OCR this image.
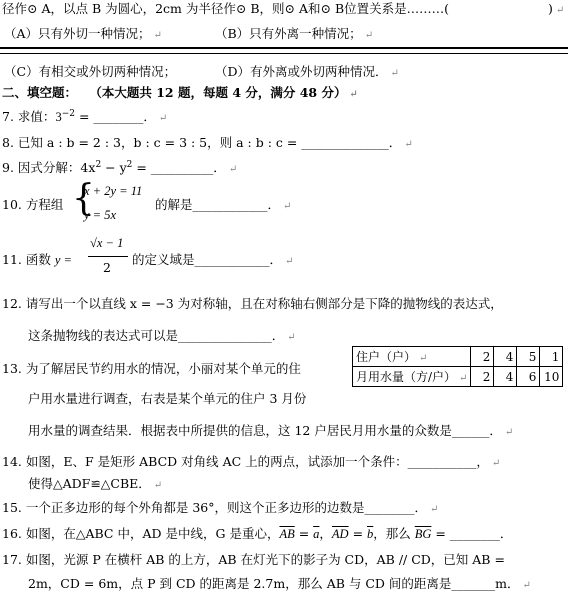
径作⊙ A，以点 B 为圆心，2cm 为半径作⊙ B，则⊙ A和⊙ B位置关系是………(	) ↵
（A）只有外切一种情况； ↵	（B）只有外离一种情况； ↵
（C）有相交或外切两种情况；	（D）有外离或外切两种情况． ↵
二、填空题： （本大题共 12 题，每题 4 分，满分 48 分） ↵
7. 求值：$3^{-2}$ = ________． ↵
8. 已知 a : b = 2 : 3，b : c = 3 : 5，则 a : b : c = ______________． ↵
9. 因式分解：$4x^2 - y^2$ = __________． ↵
10. 方程组 {
x + 2y = 11
y = 5x
的解是____________． ↵
11. 函数 y =
√x − 1
2
的定义域是____________． ↵
12. 请写出一个以直线 x = −3 为对称轴，且在对称轴右侧部分是下降的抛物线的表达式，
这条抛物线的表达式可以是_______________． ↵
13. 为了解居民节约用水的情况，小丽对某个单元的住
户用水量进行调查，右表是某个单元的住户 3 月份
用水量的调查结果．根据表中所提供的信息，这 12 户居民月用水量的众数是______． ↵
住户（户） ↵	2	4	5	1
月用水量（方/户） ↵	2	4	6	10
14. 如图，E、F 是矩形 ABCD 对角线 AC 上的两点，试添加一个条件：___________， ↵
使得△ADF≌△CBE． ↵
15. 一个正多边形的每个外角都是 36°，则这个正多边形的边数是________． ↵
16. 如图，在△ABC 中，AD 是中线，G 是重心，$\overline{AB} = \overline{a}$，$\overline{AD} = \overline{b}$，那么 $\overline{BG}$ = ________．
17. 如图，光源 P 在横杆 AB 的上方，AB 在灯光下的影子为 CD，AB // CD，已知 AB =
2m，CD = 6m，点 P 到 CD 的距离是 2.7m，那么 AB 与 CD 间的距离是_______m． ↵
